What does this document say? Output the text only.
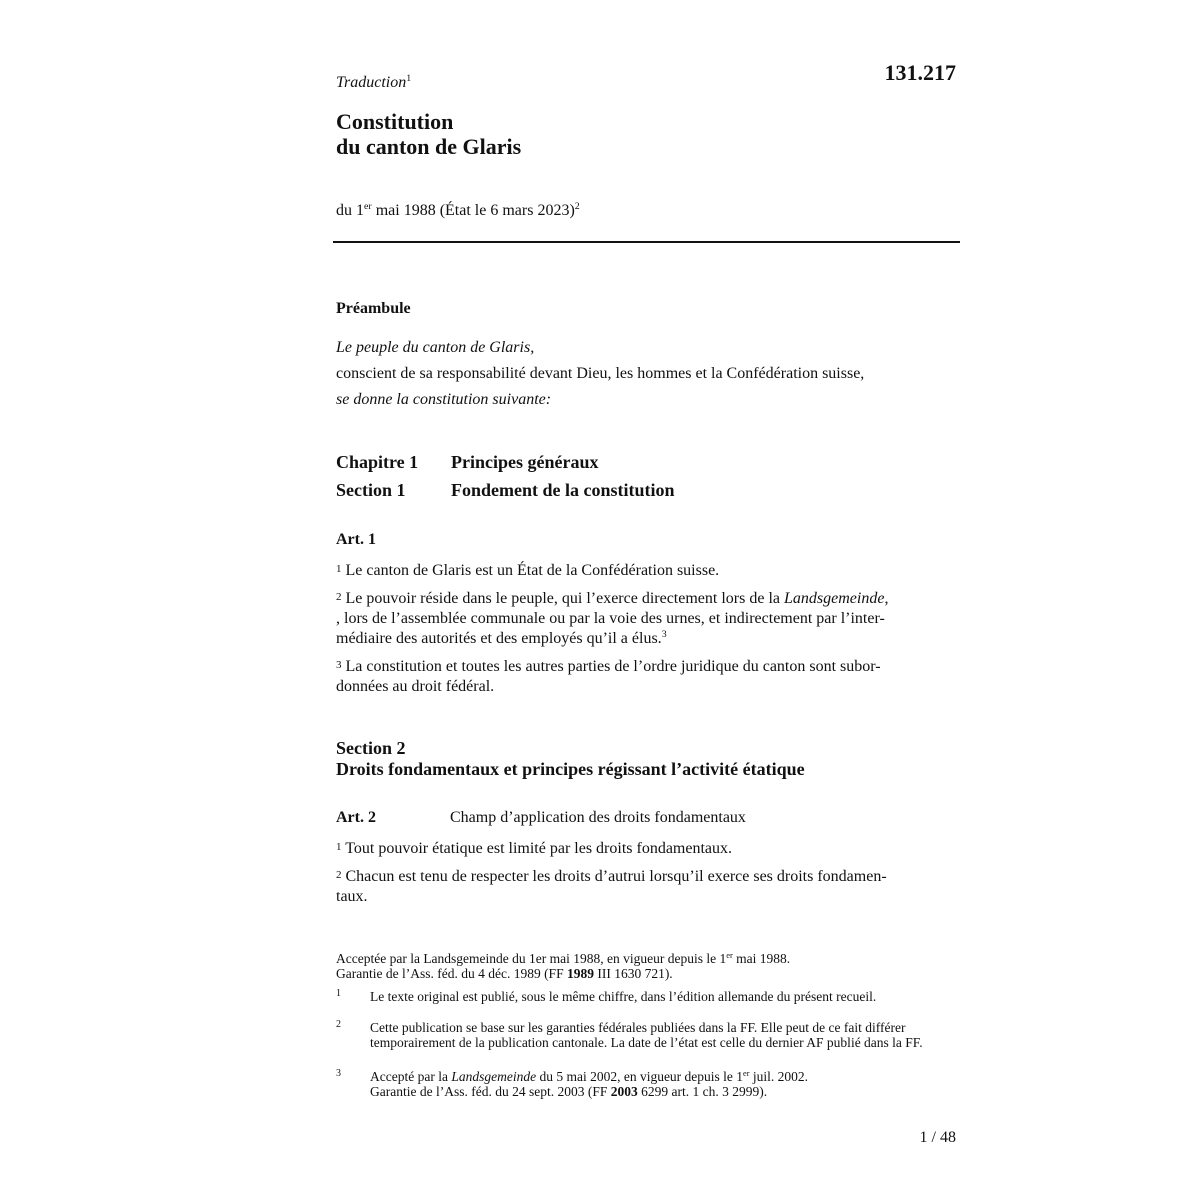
131.217
Traduction$^1$
Constitution
du canton de Glaris
du 1er mai 1988 (État le 6 mars 2023)$^2$
Préambule
Le peuple du canton de Glaris,
conscient de sa responsabilité devant Dieu, les hommes et la Confédération suisse,
se donne la constitution suivante:
Chapitre 1 Principes généraux
Section 1	Fondement de la constitution
Art. 1
1 Le canton de Glaris est un État de la Confédération suisse.
2 Le pouvoir réside dans le peuple, qui l’exerce directement lors de la Landsgemeinde,
, lors de l’assemblée communale ou par la voie des urnes, et indirectement par l’inter-
médiaire des autorités et des employés qu’il a élus.$^3$
3 La constitution et toutes les autres parties de l’ordre juridique du canton sont subor-
données au droit fédéral.
Section 2
Droits fondamentaux et principes régissant l’activité étatique
Art. 2	Champ d’application des droits fondamentaux
1 Tout pouvoir étatique est limité par les droits fondamentaux.
2 Chacun est tenu de respecter les droits d’autrui lorsqu’il exerce ses droits fondamen-
taux.
Acceptée par la Landsgemeinde du 1er mai 1988, en vigueur depuis le 1er mai 1988.
Garantie de l’Ass. féd. du 4 déc. 1989 (FF 1989 III 1630 721).
1 Le texte original est publié, sous le même chiffre, dans l’édition allemande du présent recueil.
2 Cette publication se base sur les garanties fédérales publiées dans la FF. Elle peut de ce fait différer temporairement de la publication cantonale. La date de l’état est celle du dernier AF publié dans la FF.
3 Accepté par la Landsgemeinde du 5 mai 2002, en vigueur depuis le 1er juil. 2002.
Garantie de l’Ass. féd. du 24 sept. 2003 (FF 2003 6299 art. 1 ch. 3 2999).
1 / 48
